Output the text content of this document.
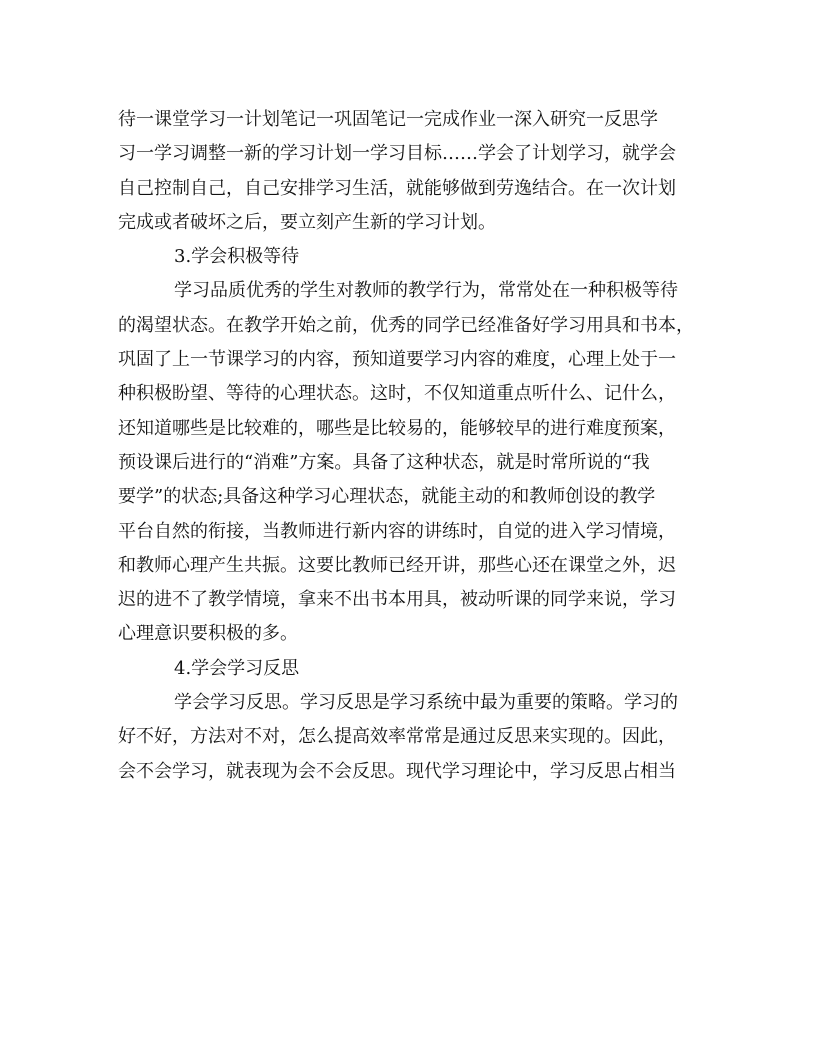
待一课堂学习一计划笔记一巩固笔记一完成作业一深入研究一反思学
习一学习调整一新的学习计划一学习目标……学会了计划学习，就学会
自己控制自己，自己安排学习生活，就能够做到劳逸结合。在一次计划
完成或者破坏之后，要立刻产生新的学习计划。
3.学会积极等待
学习品质优秀的学生对教师的教学行为，常常处在一种积极等待
的渴望状态。在教学开始之前，优秀的同学已经准备好学习用具和书本，
巩固了上一节课学习的内容，预知道要学习内容的难度，心理上处于一
种积极盼望、等待的心理状态。这时，不仅知道重点听什么、记什么，
还知道哪些是比较难的，哪些是比较易的，能够较早的进行难度预案，
预设课后进行的“消难”方案。具备了这种状态，就是时常所说的“我
要学”的状态;具备这种学习心理状态，就能主动的和教师创设的教学
平台自然的衔接，当教师进行新内容的讲练时，自觉的进入学习情境，
和教师心理产生共振。这要比教师已经开讲，那些心还在课堂之外，迟
迟的进不了教学情境，拿来不出书本用具，被动听课的同学来说，学习
心理意识要积极的多。
4.学会学习反思
学会学习反思。学习反思是学习系统中最为重要的策略。学习的
好不好，方法对不对，怎么提高效率常常是通过反思来实现的。因此，
会不会学习，就表现为会不会反思。现代学习理论中，学习反思占相当
